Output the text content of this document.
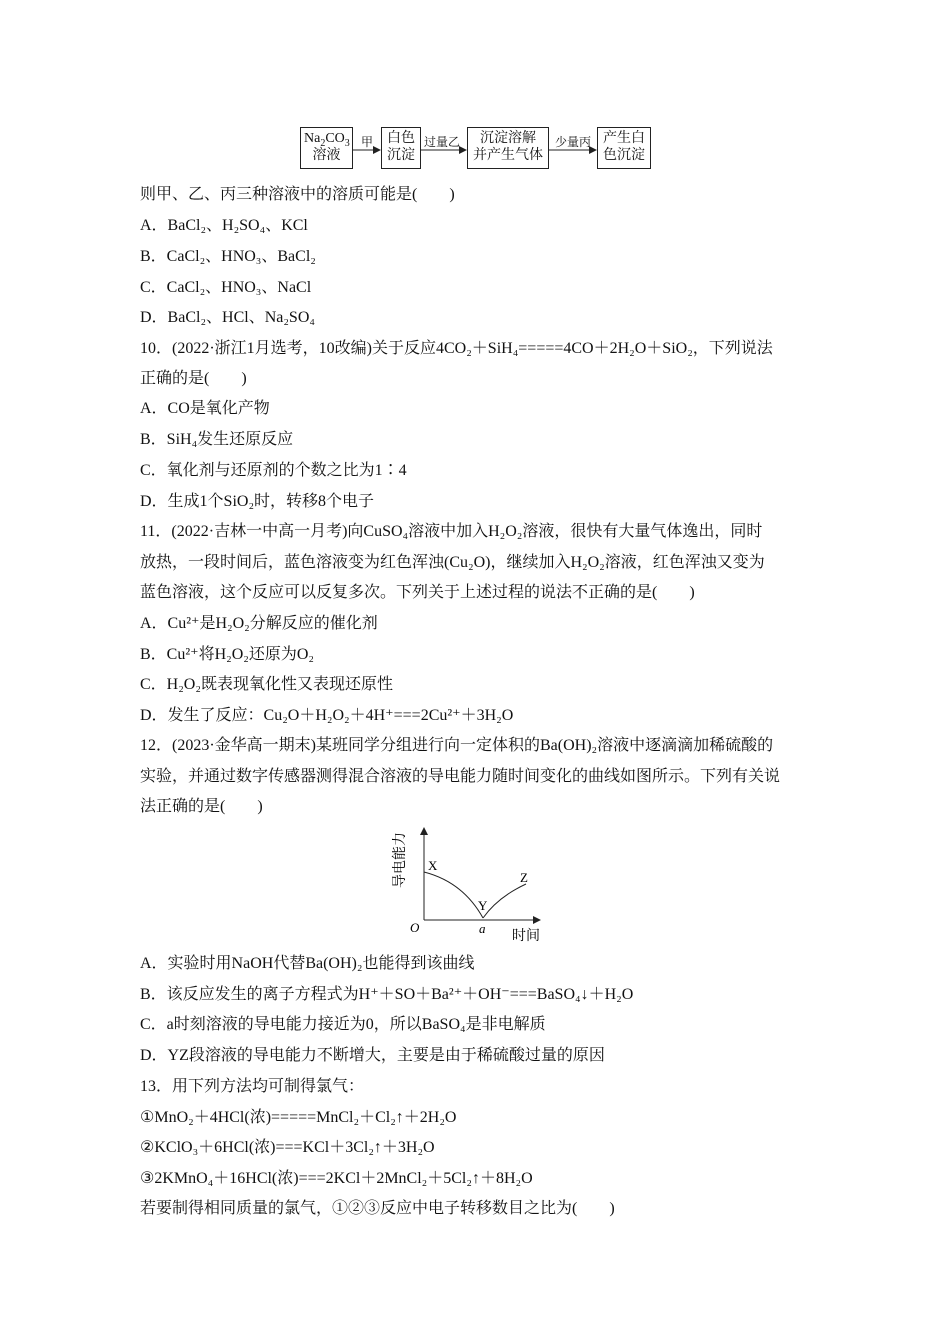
$Na_2CO_3$
溶液
甲 白色
沉淀
过量乙	沉淀溶解
并产生气体
少量丙 产生白
色沉淀
则甲、乙、丙三种溶液中的溶质可能是(　　)
A．BaCl₂、H₂SO₄、KCl
B．CaCl₂、HNO₃、BaCl₂
C．CaCl₂、HNO₃、NaCl
D．BaCl₂、HCl、Na₂SO₄
10．(2022·浙江1月选考，10改编)关于反应4CO₂＋SiH₄=====4CO＋2H₂O＋SiO₂，下列说法
正确的是(　　)
A．CO是氧化产物
B．SiH₄发生还原反应
C．氧化剂与还原剂的个数之比为1∶4
D．生成1个SiO₂时，转移8个电子
11．(2022·吉林一中高一月考)向CuSO₄溶液中加入H₂O₂溶液，很快有大量气体逸出，同时
放热，一段时间后，蓝色溶液变为红色浑浊(Cu₂O)，继续加入H₂O₂溶液，红色浑浊又变为
蓝色溶液，这个反应可以反复多次。下列关于上述过程的说法不正确的是(　　)
A．Cu²⁺是H₂O₂分解反应的催化剂
B．Cu²⁺将H₂O₂还原为O₂
C．H₂O₂既表现氧化性又表现还原性
D．发生了反应：Cu₂O＋H₂O₂＋4H⁺===2Cu²⁺＋3H₂O
12．(2023·金华高一期末)某班同学分组进行向一定体积的Ba(OH)₂溶液中逐滴滴加稀硫酸的
实验，并通过数字传感器测得混合溶液的导电能力随时间变化的曲线如图所示。下列有关说
法正确的是(　　)
导电能力 X
Y
Z
O	a
时间
A．实验时用NaOH代替Ba(OH)₂也能得到该曲线
B．该反应发生的离子方程式为H⁺＋SO＋Ba²⁺＋OH⁻===BaSO₄↓＋H₂O
C．a时刻溶液的导电能力接近为0，所以BaSO₄是非电解质
D．YZ段溶液的导电能力不断增大，主要是由于稀硫酸过量的原因
13．用下列方法均可制得氯气：
①MnO₂＋4HCl(浓)=====MnCl₂＋Cl₂↑＋2H₂O
②KClO₃＋6HCl(浓)===KCl＋3Cl₂↑＋3H₂O
③2KMnO₄＋16HCl(浓)===2KCl＋2MnCl₂＋5Cl₂↑＋8H₂O
若要制得相同质量的氯气，①②③反应中电子转移数目之比为(　　)
